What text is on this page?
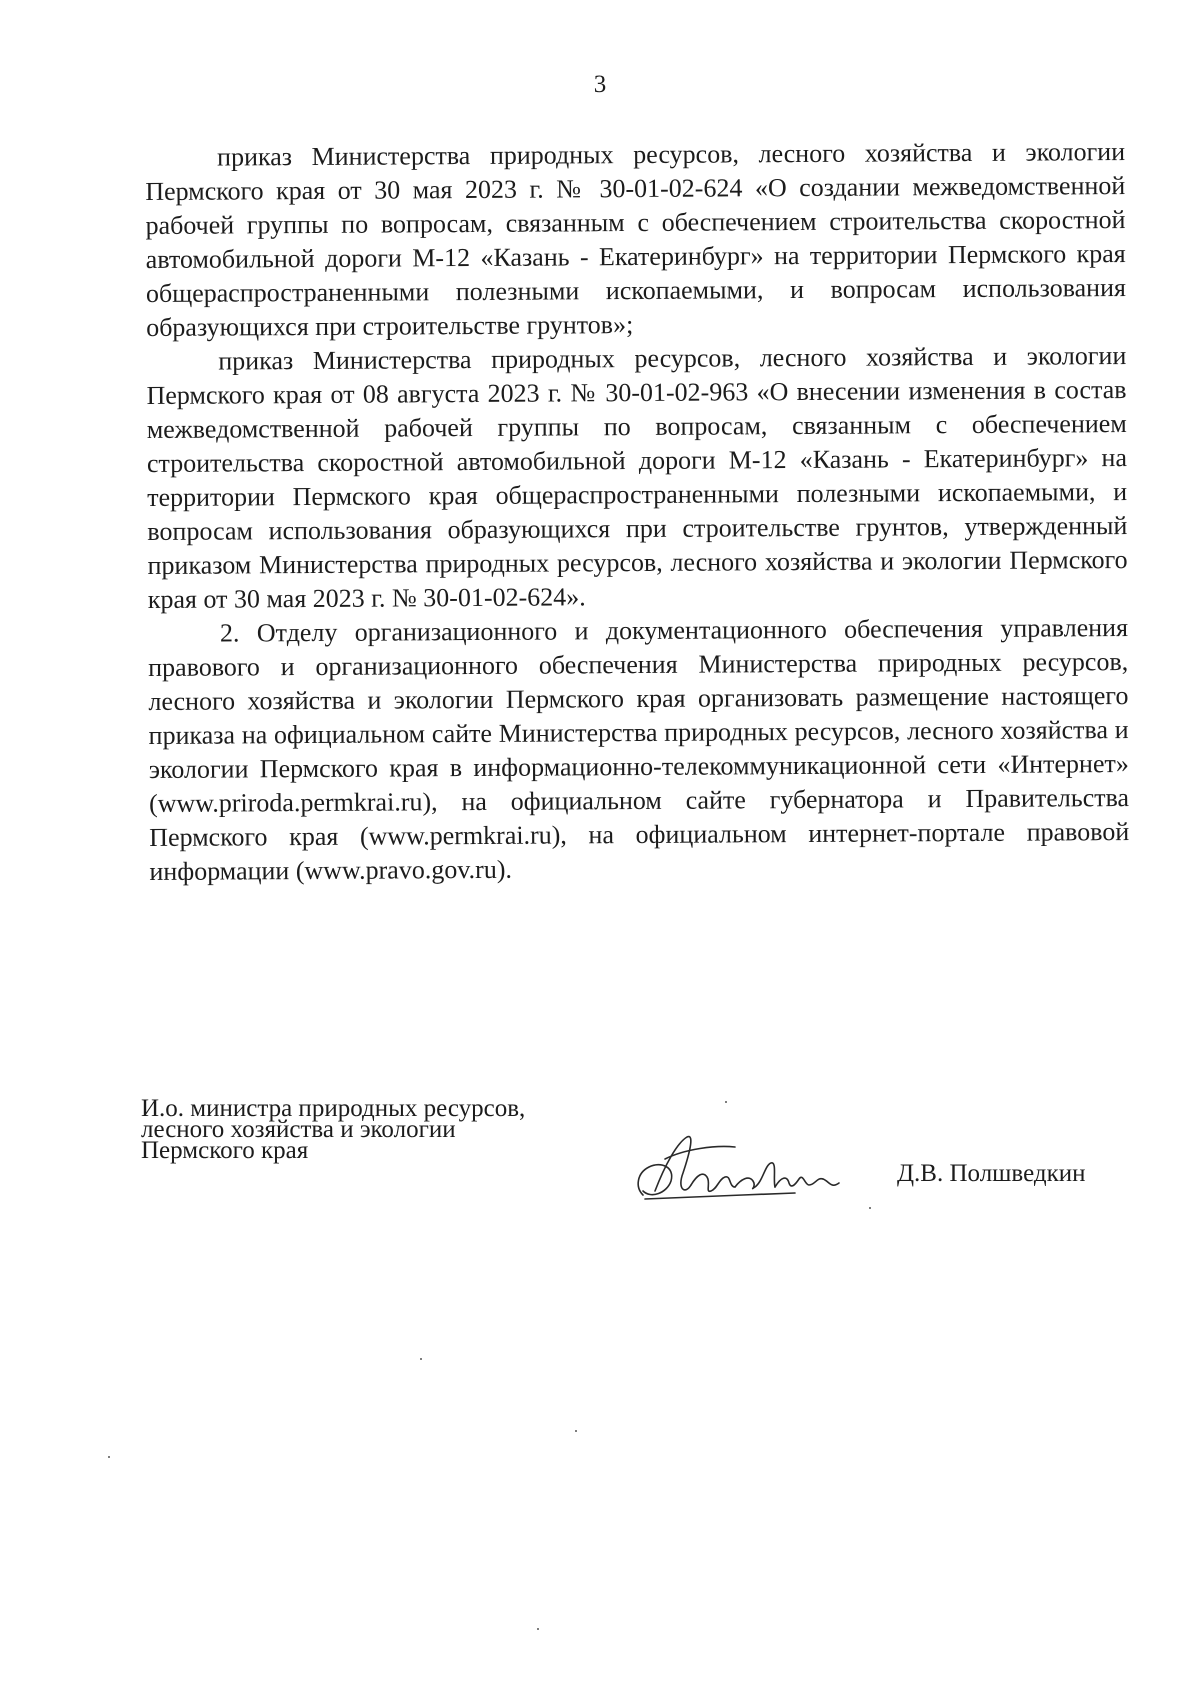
3

приказ Министерства природных ресурсов, лесного хозяйства и экологии Пермского края от 30 мая 2023 г. № 30-01-02-624 «О создании межведомственной рабочей группы по вопросам, связанным с обеспечением строительства скоростной автомобильной дороги М-12 «Казань - Екатеринбург» на территории Пермского края общераспространенными полезными ископаемыми, и вопросам использования образующихся при строительстве грунтов»;

приказ Министерства природных ресурсов, лесного хозяйства и экологии Пермского края от 08 августа 2023 г. № 30-01-02-963 «О внесении изменения в состав межведомственной рабочей группы по вопросам, связанным с обеспечением строительства скоростной автомобильной дороги М-12 «Казань - Екатеринбург» на территории Пермского края общераспространенными полезными ископаемыми, и вопросам использования образующихся при строительстве грунтов, утвержденный приказом Министерства природных ресурсов, лесного хозяйства и экологии Пермского края от 30 мая 2023 г. № 30-01-02-624».

2. Отделу организационного и документационного обеспечения управления правового и организационного обеспечения Министерства природных ресурсов, лесного хозяйства и экологии Пермского края организовать размещение настоящего приказа на официальном сайте Министерства природных ресурсов, лесного хозяйства и экологии Пермского края в информационно-телекоммуникационной сети «Интернет» (www.priroda.permkrai.ru), на официальном сайте губернатора и Правительства Пермского края (www.permkrai.ru), на официальном интернет-портале правовой информации (www.pravo.gov.ru).

И.о. министра природных ресурсов,
лесного хозяйства и экологии
Пермского края
Д.В. Полшведкин
